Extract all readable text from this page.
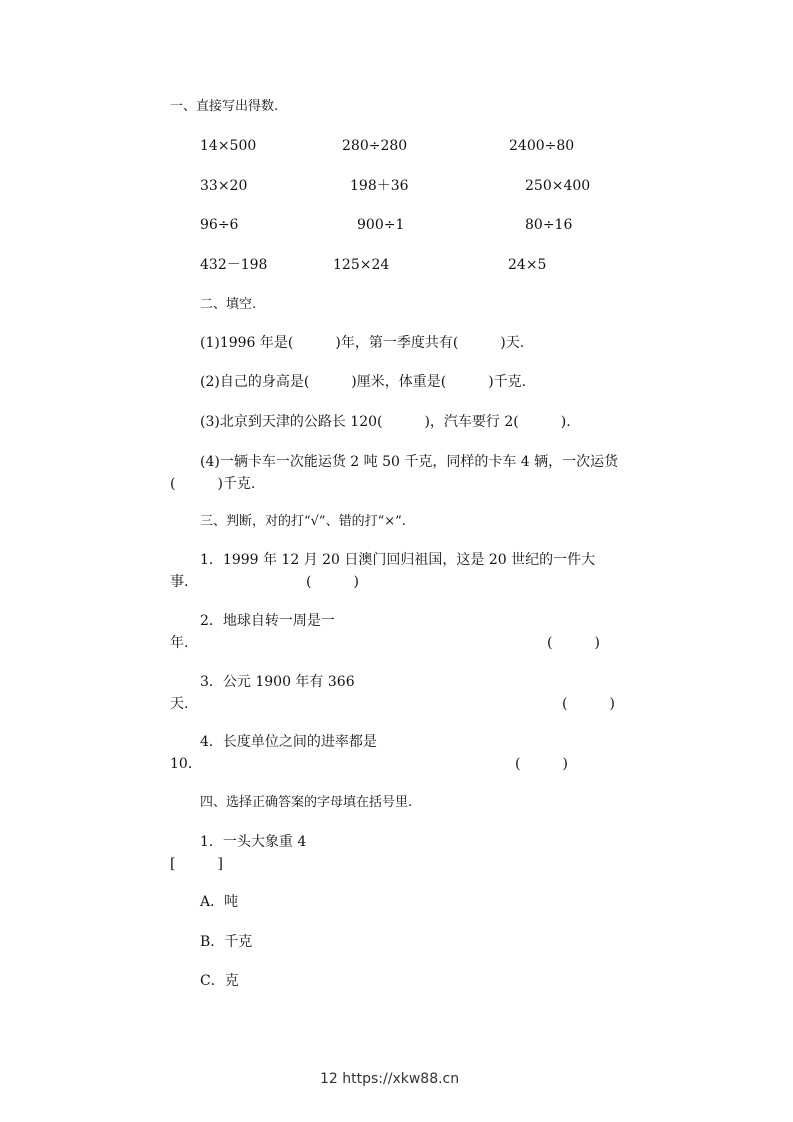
一、直接写出得数.
14×500	280÷280	2400÷80
33×20	198＋36	250×400
96÷6	900÷1	80÷16
432－198	125×24	24×5
二、填空.
(1)1996 年是(　　　)年，第一季度共有(　　　)天.
(2)自己的身高是(　　　)厘米，体重是(　　　)千克.
(3)北京到天津的公路长 120(　　　)，汽车要行 2(　　　).
(4)一辆卡车一次能运货 2 吨 50 千克，同样的卡车 4 辆，一次运货
(　　　)千克.
三、判断，对的打“√”、错的打“×”.
1．1999 年 12 月 20 日澳门回归祖国，这是 20 世纪的一件大
事.	(　　　)
2．地球自转一周是一
年.	(　　　)
3．公元 1900 年有 366
天.	(　　　)
4．长度单位之间的进率都是
10.	(　　　)
四、选择正确答案的字母填在括号里.
1．一头大象重 4
[　　　]
A．吨
B．千克
C．克
12 https://xkw88.cn
